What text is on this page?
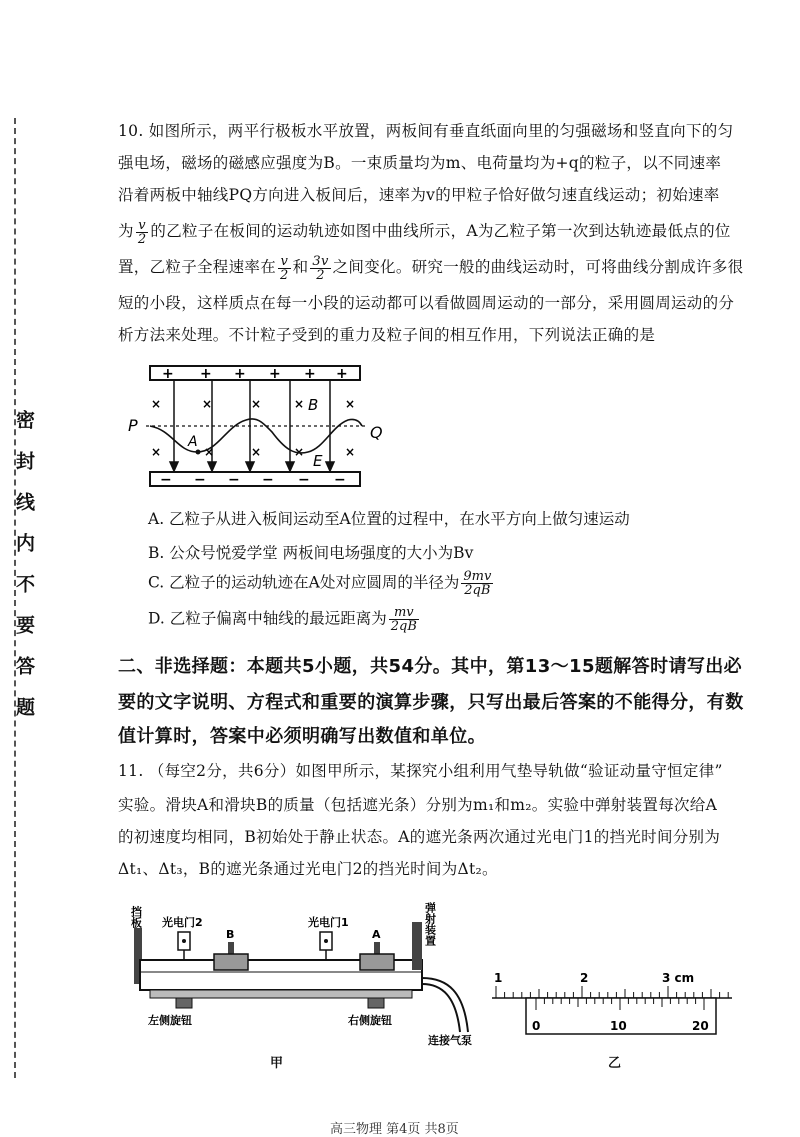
密封线内不要答题
10. 如图所示，两平行极板水平放置，两板间有垂直纸面向里的匀强磁场和竖直向下的匀
强电场，磁场的磁感应强度为B。一束质量均为m、电荷量均为+q的粒子，以不同速率
沿着两板中轴线PQ方向进入板间后，速率为v的甲粒子恰好做匀速直线运动；初始速率
为 $\frac{v}{2}$ 的乙粒子在板间的运动轨迹如图中曲线所示，A为乙粒子第一次到达轨迹最低点的位
置，乙粒子全程速率在 $\frac{v}{2}$ 和 $\frac{3v}{2}$ 之间变化。研究一般的曲线运动时，可将曲线分割成许多很
短的小段，这样质点在每一小段的运动都可以看做圆周运动的一部分，采用圆周运动的分
析方法来处理。不计粒子受到的重力及粒子间的相互作用，下列说法正确的是
+ + + + + +
− − − − − −
×	×	×	×	×
×	×	×	×	×
P	Q
A
B
E
A. 乙粒子从进入板间运动至A位置的过程中，在水平方向上做匀速运动
B. 公众号悦爱学堂 两板间电场强度的大小为Bv
C. 乙粒子的运动轨迹在A处对应圆周的半径为 $\frac{9mv}{2qB}$
D. 乙粒子偏离中轴线的最远距离为 $\frac{mv}{2qB}$
二、非选择题：本题共5小题，共54分。其中，第13～15题解答时请写出必
要的文字说明、方程式和重要的演算步骤，只写出最后答案的不能得分，有数
值计算时，答案中必须明确写出数值和单位。
11. （每空2分，共6分）如图甲所示，某探究小组利用气垫导轨做“验证动量守恒定律”
实验。滑块A和滑块B的质量（包括遮光条）分别为m₁和m₂。实验中弹射装置每次给A
的初速度均相同，B初始处于静止状态。A的遮光条两次通过光电门1的挡光时间分别为
Δt₁、Δt₃，B的遮光条通过光电门2的挡光时间为Δt₂。
挡板 光电门2
B
光电门1
A	弹射装置
连接气泵
左侧旋钮	右侧旋钮
甲
1	2	3 cm
0	10	20
乙
高三物理 第4页 共8页
